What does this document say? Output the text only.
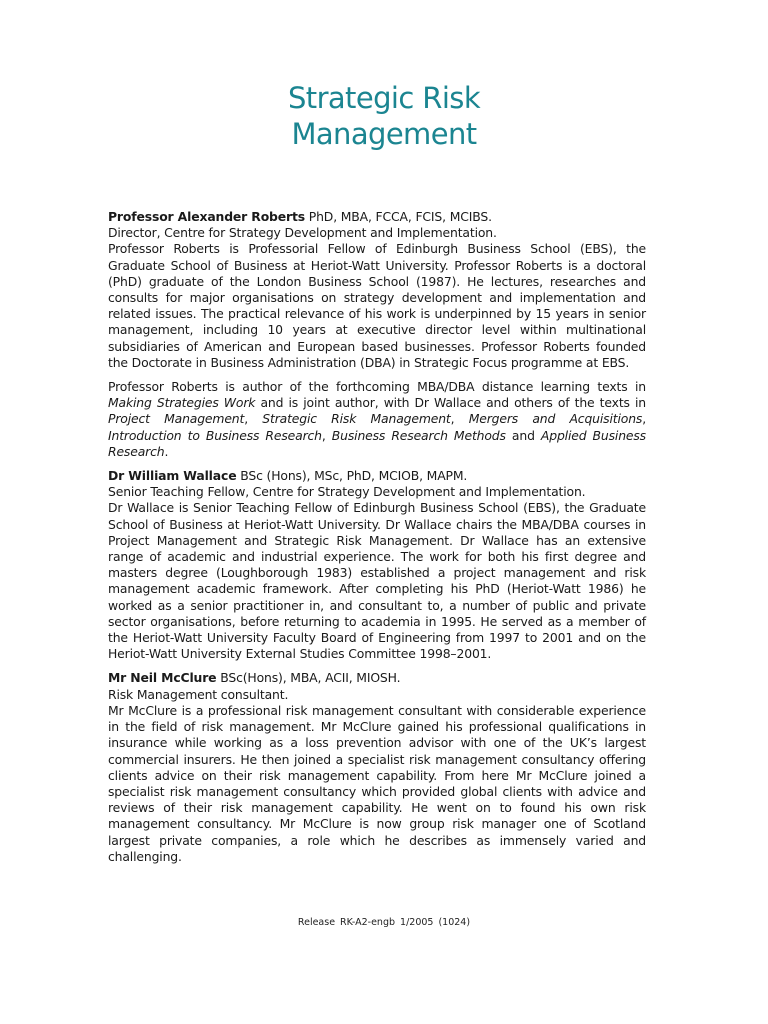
Strategic Risk
Management

Professor Alexander Roberts PhD, MBA, FCCA, FCIS, MCIBS.
Director, Centre for Strategy Development and Implementation.
Professor Roberts is Professorial Fellow of Edinburgh Business School (EBS), the Graduate School of Business at Heriot-Watt University. Professor Roberts is a doctoral (PhD) graduate of the London Business School (1987). He lectures, researches and consults for major organisations on strategy development and implementation and related issues. The practical relevance of his work is underpinned by 15 years in senior management, including 10 years at executive director level within multinational subsidiaries of American and European based businesses. Professor Roberts founded the Doctorate in Business Administration (DBA) in Strategic Focus programme at EBS.

Professor Roberts is author of the forthcoming MBA/DBA distance learning texts in Making Strategies Work and is joint author, with Dr Wallace and others of the texts in Project Management, Strategic Risk Management, Mergers and Acquisitions, Introduction to Business Research, Business Research Methods and Applied Business Research.

Dr William Wallace BSc (Hons), MSc, PhD, MCIOB, MAPM.
Senior Teaching Fellow, Centre for Strategy Development and Implementation.
Dr Wallace is Senior Teaching Fellow of Edinburgh Business School (EBS), the Graduate School of Business at Heriot-Watt University. Dr Wallace chairs the MBA/DBA courses in Project Management and Strategic Risk Management. Dr Wallace has an extensive range of academic and industrial experience. The work for both his first degree and masters degree (Loughborough 1983) established a project management and risk management academic framework. After completing his PhD (Heriot-Watt 1986) he worked as a senior practitioner in, and consultant to, a number of public and private sector organisations, before returning to academia in 1995. He served as a member of the Heriot-Watt University Faculty Board of Engineering from 1997 to 2001 and on the Heriot-Watt University External Studies Committee 1998–2001.

Mr Neil McClure BSc(Hons), MBA, ACII, MIOSH.
Risk Management consultant.
Mr McClure is a professional risk management consultant with considerable experience in the field of risk management. Mr McClure gained his professional qualifications in insurance while working as a loss prevention advisor with one of the UK’s largest commercial insurers. He then joined a specialist risk management consultancy offering clients advice on their risk management capability. From here Mr McClure joined a specialist risk management consultancy which provided global clients with advice and reviews of their risk management capability. He went on to found his own risk management consultancy. Mr McClure is now group risk manager one of Scotland largest private companies, a role which he describes as immensely varied and challenging.

Release RK-A2-engb 1/2005 (1024)
